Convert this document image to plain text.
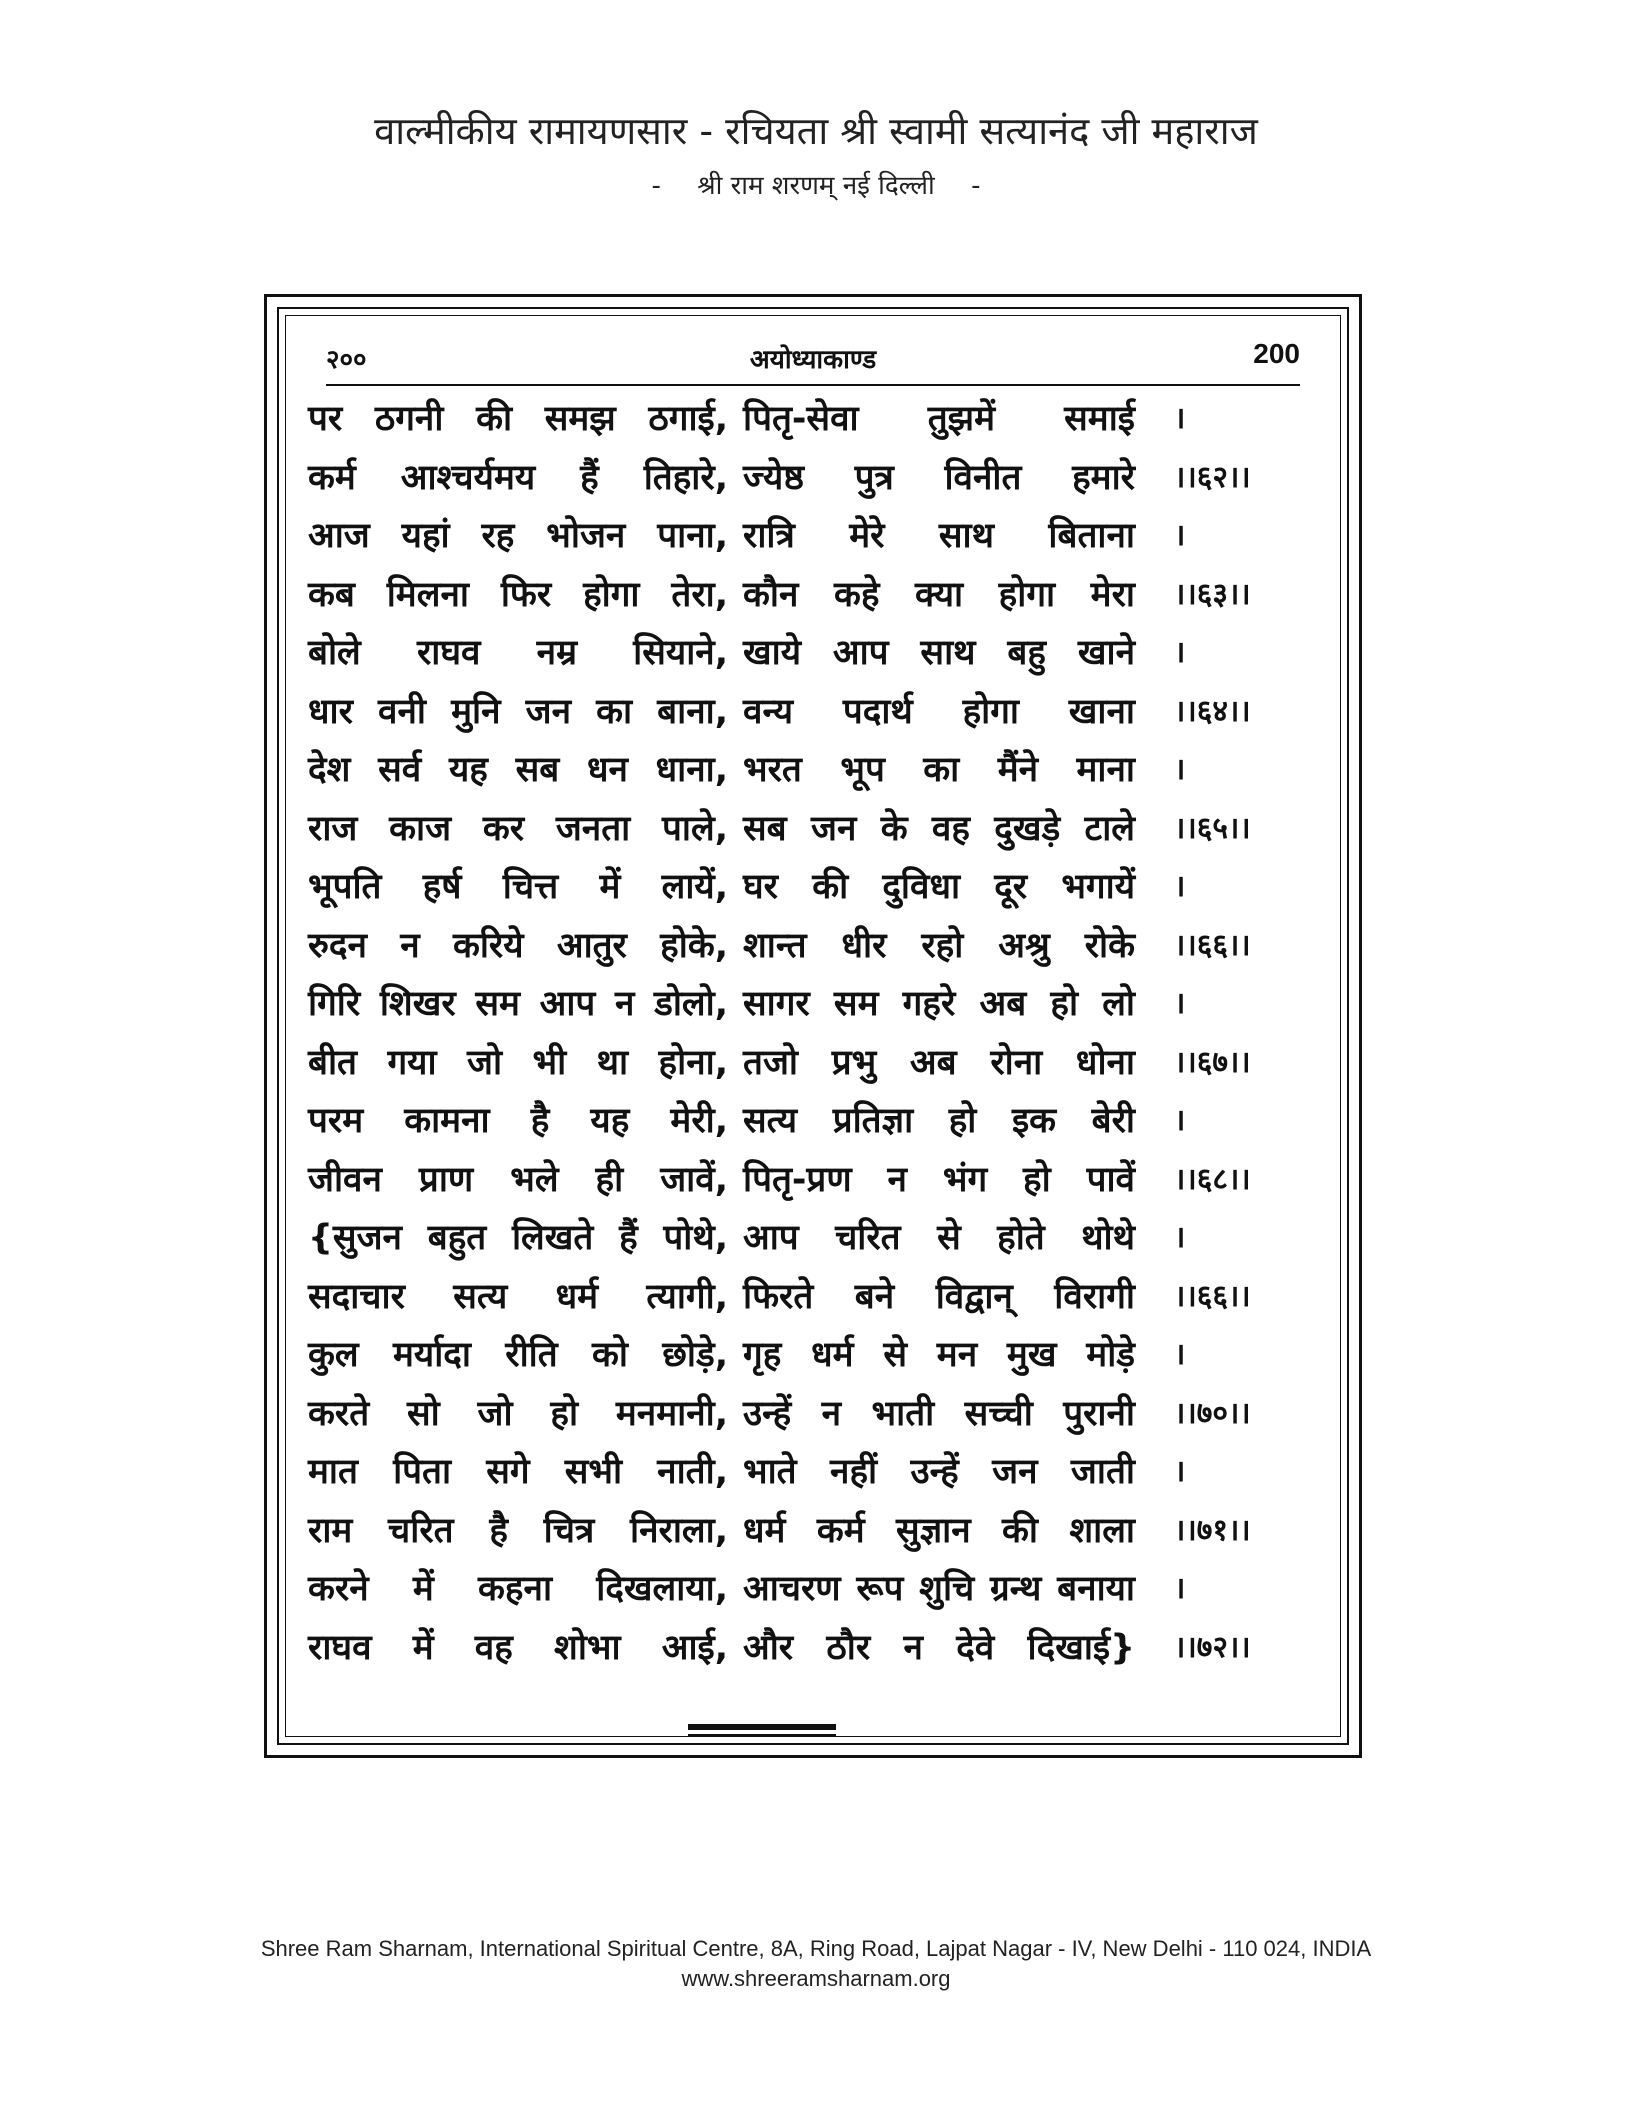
वाल्मीकीय रामायणसार - रचियता श्री स्वामी सत्यानंद जी महाराज
- श्री राम शरणम् नई दिल्ली -
२००	अयोध्याकाण्ड	200
पर ठगनी की समझ ठगाई, पितृ-सेवा तुझमें समाई ।
कर्म आश्चर्यमय हैं तिहारे, ज्येष्ठ पुत्र विनीत हमारे ।।६२।।
आज यहां रह भोजन पाना, रात्रि मेरे साथ बिताना ।
कब मिलना फिर होगा तेरा, कौन कहे क्या होगा मेरा ।।६३।।
बोले राघव नम्र सियाने, खाये आप साथ बहु खाने ।
धार वनी मुनि जन का बाना, वन्य पदार्थ होगा खाना ।।६४।।
देश सर्व यह सब धन धाना, भरत भूप का मैंने माना ।
राज काज कर जनता पाले, सब जन के वह दुखड़े टाले ।।६५।।
भूपति हर्ष चित्त में लायें, घर की दुविधा दूर भगायें ।
रुदन न करिये आतुर होके, शान्त धीर रहो अश्रु रोके ।।६६।।
गिरि शिखर सम आप न डोलो, सागर सम गहरे अब हो लो ।
बीत गया जो भी था होना, तजो प्रभु अब रोना धोना ।।६७।।
परम कामना है यह मेरी, सत्य प्रतिज्ञा हो इक बेरी ।
जीवन प्राण भले ही जावें, पितृ-प्रण न भंग हो पावें ।।६८।।
{सुजन बहुत लिखते हैं पोथे, आप चरित से होते थोथे ।
सदाचार सत्य धर्म त्यागी, फिरते बने विद्वान् विरागी ।।६६।।
कुल मर्यादा रीति को छोड़े, गृह धर्म से मन मुख मोड़े ।
करते सो जो हो मनमानी, उन्हें न भाती सच्ची पुरानी ।।७०।।
मात पिता सगे सभी नाती, भाते नहीं उन्हें जन जाती ।
राम चरित है चित्र निराला, धर्म कर्म सुज्ञान की शाला ।।७१।।
करने में कहना दिखलाया, आचरण रूप शुचि ग्रन्थ बनाया ।
राघव में वह शोभा आई, और ठौर न देवे दिखाई} ।।७२।।
Shree Ram Sharnam, International Spiritual Centre, 8A, Ring Road, Lajpat Nagar - IV, New Delhi - 110 024, INDIA
www.shreeramsharnam.org
